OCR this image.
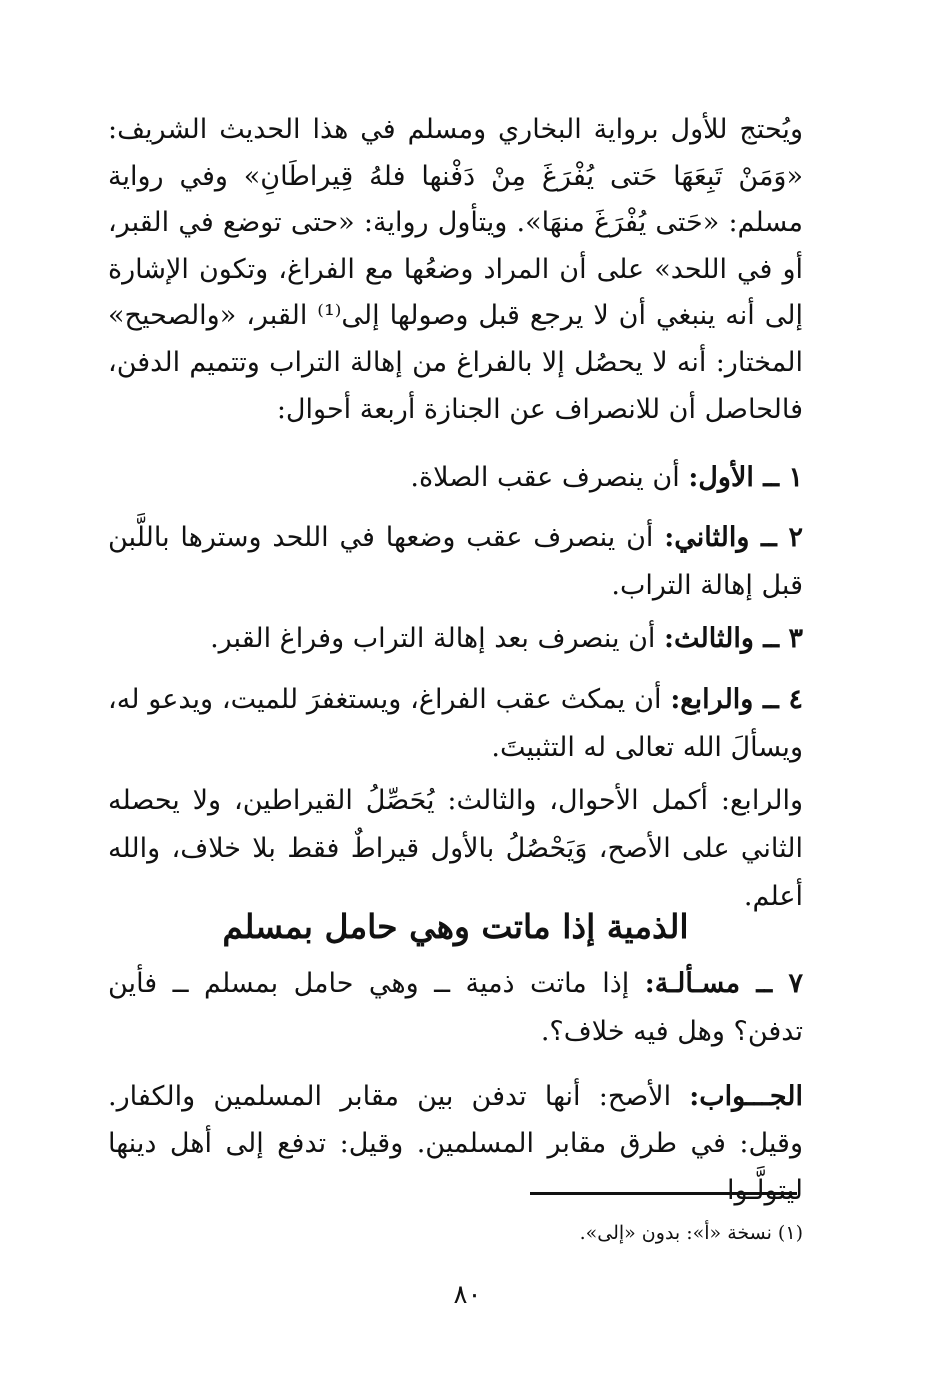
ويُحتج للأول برواية البخاري ومسلم في هذا الحديث الشريف: «وَمَنْ تَبِعَهَا حَتى يُفْرَغَ مِنْ دَفْنها فلهُ قِيراطَانِ» وفي رواية مسلم: «حَتى يُفْرَغَ منهَا». ويتأول رواية: «حتى توضع في القبر، أو في اللحد» على أن المراد وضعُها مع الفراغ، وتكون الإشارة إلى أنه ينبغي أن لا يرجع قبل وصولها إلى⁽¹⁾ القبر، «والصحيح» المختار: أنه لا يحصُل إلا بالفراغ من إهالة التراب وتتميم الدفن، فالحاصل أن للانصراف عن الجنازة أربعة أحوال:
١ ــ الأول: أن ينصرف عقب الصلاة.
٢ ــ والثاني: أن ينصرف عقب وضعها في اللحد وسترها باللَّبن قبل إهالة التراب.
٣ ــ والثالث: أن ينصرف بعد إهالة التراب وفراغ القبر.
٤ ــ والرابع: أن يمكث عقب الفراغ، ويستغفرَ للميت، ويدعو له، ويسألَ الله تعالى له التثبيتَ.
والرابع: أكمل الأحوال، والثالث: يُحَصِّلُ القيراطين، ولا يحصله الثاني على الأصح، وَيَحْصُلُ بالأول قيراطٌ فقط بلا خلاف، والله أعلم.
الذمية إذا ماتت وهي حامل بمسلم
٧ ــ مسـألـة: إذا ماتت ذمية ــ وهي حامل بمسلم ــ فأين تدفن؟ وهل فيه خلاف؟.
الجـــواب: الأصح: أنها تدفن بين مقابر المسلمين والكفار. وقيل: في طرق مقابر المسلمين. وقيل: تدفع إلى أهل دينها ليتولَّـوا
(١) نسخة «أ»: بدون «إلى».
٨٠
